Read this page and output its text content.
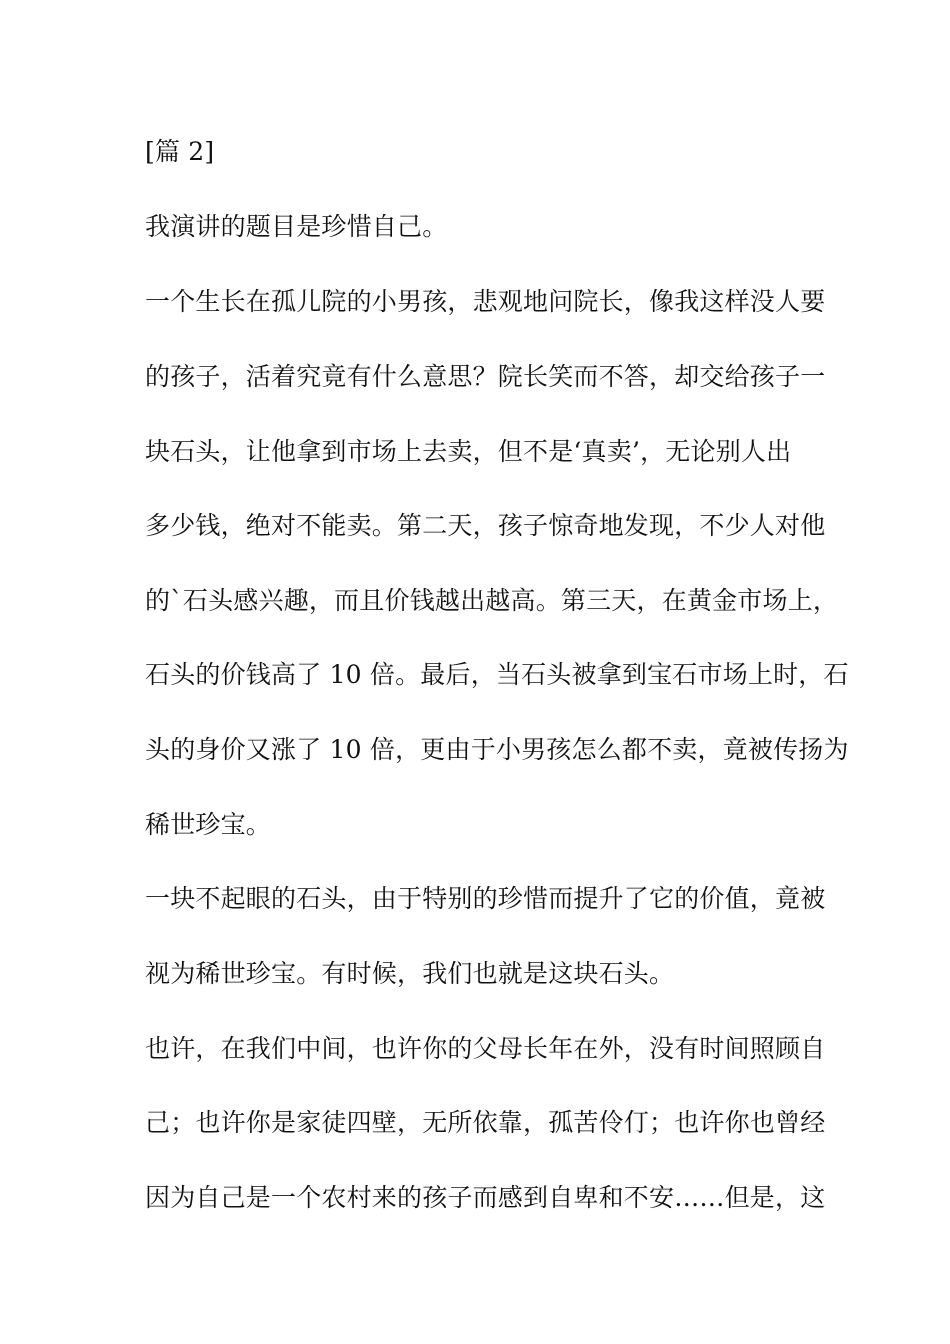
[篇 2]
我演讲的题目是珍惜自己。
一个生长在孤儿院的小男孩，悲观地问院长，像我这样没人要
的孩子，活着究竟有什么意思？院长笑而不答，却交给孩子一
块石头，让他拿到市场上去卖，但不是‘真卖’，无论别人出
多少钱，绝对不能卖。第二天，孩子惊奇地发现，不少人对他
的`石头感兴趣，而且价钱越出越高。第三天，在黄金市场上，
石头的价钱高了 10 倍。最后，当石头被拿到宝石市场上时，石
头的身价又涨了 10 倍，更由于小男孩怎么都不卖，竟被传扬为
稀世珍宝。
一块不起眼的石头，由于特别的珍惜而提升了它的价值，竟被
视为稀世珍宝。有时候，我们也就是这块石头。
也许，在我们中间，也许你的父母长年在外，没有时间照顾自
己；也许你是家徒四壁，无所依靠，孤苦伶仃；也许你也曾经
因为自己是一个农村来的孩子而感到自卑和不安……但是，这
